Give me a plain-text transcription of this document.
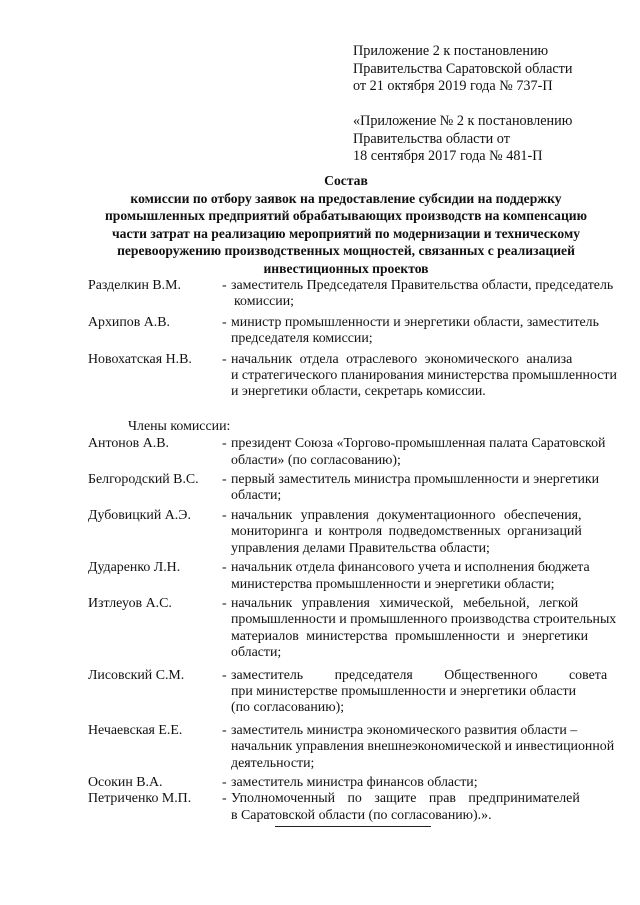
Приложение 2 к постановлению
Правительства Саратовской области
от 21 октября 2019 года № 737-П
«Приложение № 2 к постановлению
Правительства области от
18 сентября 2017 года № 481-П
Состав
комиссии по отбору заявок на предоставление субсидии на поддержку
промышленных предприятий обрабатывающих производств на компенсацию
части затрат на реализацию мероприятий по модернизации и техническому
перевооружению производственных мощностей, связанных с реализацией
инвестиционных проектов
Разделкин В.М.	- заместитель Председателя Правительства области, председатель
комиссии;
Архипов А.В.	- министр промышленности и энергетики области, заместитель
председателя комиссии;
Новохатская Н.В.	- начальник отдела отраслевого экономического анализа
и стратегического планирования министерства промышленности
и энергетики области, секретарь комиссии.
Члены комиссии:
Антонов А.В.	- президент Союза «Торгово-промышленная палата Саратовской
области» (по согласованию);
Белгородский В.С.	- первый заместитель министра промышленности и энергетики
области;
Дубовицкий А.Э.	- начальник управления документационного обеспечения,
мониторинга и контроля подведомственных организаций
управления делами Правительства области;
Дударенко Л.Н.	- начальник отдела финансового учета и исполнения бюджета
министерства промышленности и энергетики области;
Изтлеуов А.С.	- начальник управления химической, мебельной, легкой
промышленности и промышленного производства строительных
материалов министерства промышленности и энергетики
области;
Лисовский С.М.	- заместитель председателя Общественного совета
при министерстве промышленности и энергетики области
(по согласованию);
Нечаевская Е.Е.	- заместитель министра экономического развития области –
начальник управления внешнеэкономической и инвестиционной
деятельности;
Осокин В.А.	- заместитель министра финансов области;
Петриченко М.П.	- Уполномоченный по защите прав предпринимателей
в Саратовской области (по согласованию).».
